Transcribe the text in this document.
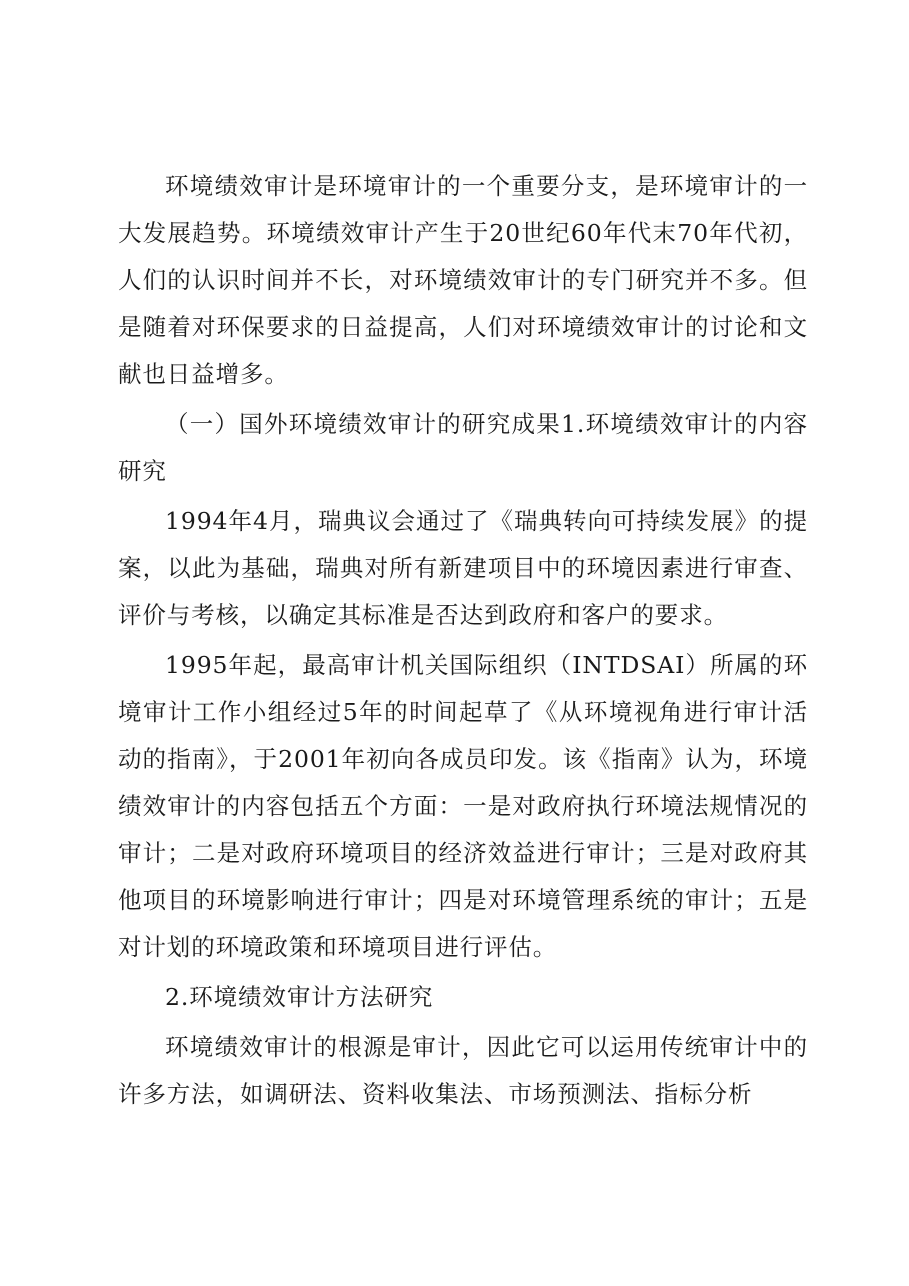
环境绩效审计是环境审计的一个重要分支，是环境审计的一大发展趋势。环境绩效审计产生于20世纪60年代末70年代初，人们的认识时间并不长，对环境绩效审计的专门研究并不多。但是随着对环保要求的日益提高，人们对环境绩效审计的讨论和文献也日益增多。

（一）国外环境绩效审计的研究成果1.环境绩效审计的内容研究

1994年4月，瑞典议会通过了《瑞典转向可持续发展》的提案，以此为基础，瑞典对所有新建项目中的环境因素进行审查、评价与考核，以确定其标准是否达到政府和客户的要求。

1995年起，最高审计机关国际组织（INTDSAI）所属的环境审计工作小组经过5年的时间起草了《从环境视角进行审计活动的指南》，于2001年初向各成员印发。该《指南》认为，环境绩效审计的内容包括五个方面：一是对政府执行环境法规情况的审计；二是对政府环境项目的经济效益进行审计；三是对政府其他项目的环境影响进行审计；四是对环境管理系统的审计；五是对计划的环境政策和环境项目进行评估。

2.环境绩效审计方法研究

环境绩效审计的根源是审计，因此它可以运用传统审计中的许多方法，如调研法、资料收集法、市场预测法、指标分析
